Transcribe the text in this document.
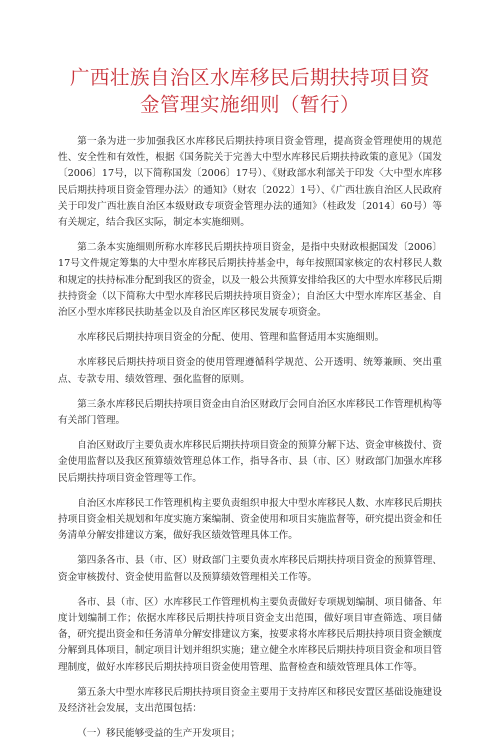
广西壮族自治区水库移民后期扶持项目资
金管理实施细则（暂行）

第一条为进一步加强我区水库移民后期扶持项目资金管理，提高资金管理使用的规范性、安全性和有效性，根据《国务院关于完善大中型水库移民后期扶持政策的意见》（国发〔2006〕17号，以下简称国发〔2006〕17号）、《财政部水利部关于印发〈大中型水库移民后期扶持项目资金管理办法〉的通知》（财农〔2022〕1号）、《广西壮族自治区人民政府关于印发广西壮族自治区本级财政专项资金管理办法的通知》（桂政发〔2014〕60号）等有关规定，结合我区实际，制定本实施细则。

第二条本实施细则所称水库移民后期扶持项目资金，是指中央财政根据国发〔2006〕17号文件规定筹集的大中型水库移民后期扶持基金中，每年按照国家核定的农村移民人数和规定的扶持标准分配到我区的资金，以及一般公共预算安排给我区的大中型水库移民后期扶持资金（以下简称大中型水库移民后期扶持项目资金）；自治区大中型水库库区基金、自治区小型水库移民扶助基金以及自治区库区移民发展专项资金。

水库移民后期扶持项目资金的分配、使用、管理和监督适用本实施细则。

水库移民后期扶持项目资金的使用管理遵循科学规范、公开透明、统筹兼顾、突出重点、专款专用、绩效管理、强化监督的原则。

第三条水库移民后期扶持项目资金由自治区财政厅会同自治区水库移民工作管理机构等有关部门管理。

自治区财政厅主要负责水库移民后期扶持项目资金的预算分解下达、资金审核拨付、资金使用监督以及我区预算绩效管理总体工作，指导各市、县（市、区）财政部门加强水库移民后期扶持项目资金管理等工作。

自治区水库移民工作管理机构主要负责组织申报大中型水库移民人数、水库移民后期扶持项目资金相关规划和年度实施方案编制、资金使用和项目实施监督等，研究提出资金和任务清单分解安排建议方案，做好我区绩效管理具体工作。

第四条各市、县（市、区）财政部门主要负责水库移民后期扶持项目资金的预算管理、资金审核拨付、资金使用监督以及预算绩效管理相关工作等。

各市、县（市、区）水库移民工作管理机构主要负责做好专项规划编制、项目储备、年度计划编制工作；依据水库移民后期扶持项目资金支出范围，做好项目审查筛选、项目储备，研究提出资金和任务清单分解安排建议方案，按要求将水库移民后期扶持项目资金额度分解到具体项目，制定项目计划并组织实施；建立健全水库移民后期扶持项目资金和项目管理制度，做好水库移民后期扶持项目资金使用管理、监督检查和绩效管理具体工作等。

第五条大中型水库移民后期扶持项目资金主要用于支持库区和移民安置区基础设施建设及经济社会发展，支出范围包括：

（一）移民能够受益的生产开发项目；
